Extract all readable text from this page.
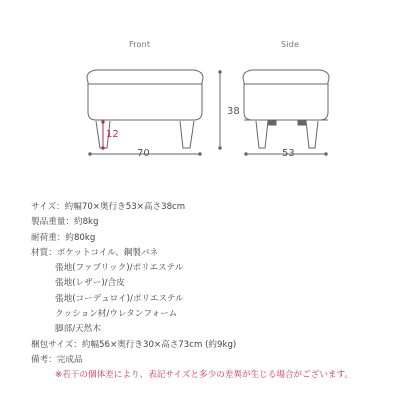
Front	Side
70	53
38
12
サイズ：約幅70×奥行き53×高さ38cm
製品重量：約8kg
耐荷重：約80kg
材質：ポケットコイル、鋼製バネ
張地(ファブリック)/ポリエステル
張地(レザー)/合皮
張地(コーデュロイ)/ポリエステル
クッション材/ウレタンフォーム
脚部/天然木
梱包サイズ：約幅56×奥行き30×高さ73cm (約9kg)
備考：完成品
※若干の個体差により、表記サイズと多少の差異が生じる場合がございます。
